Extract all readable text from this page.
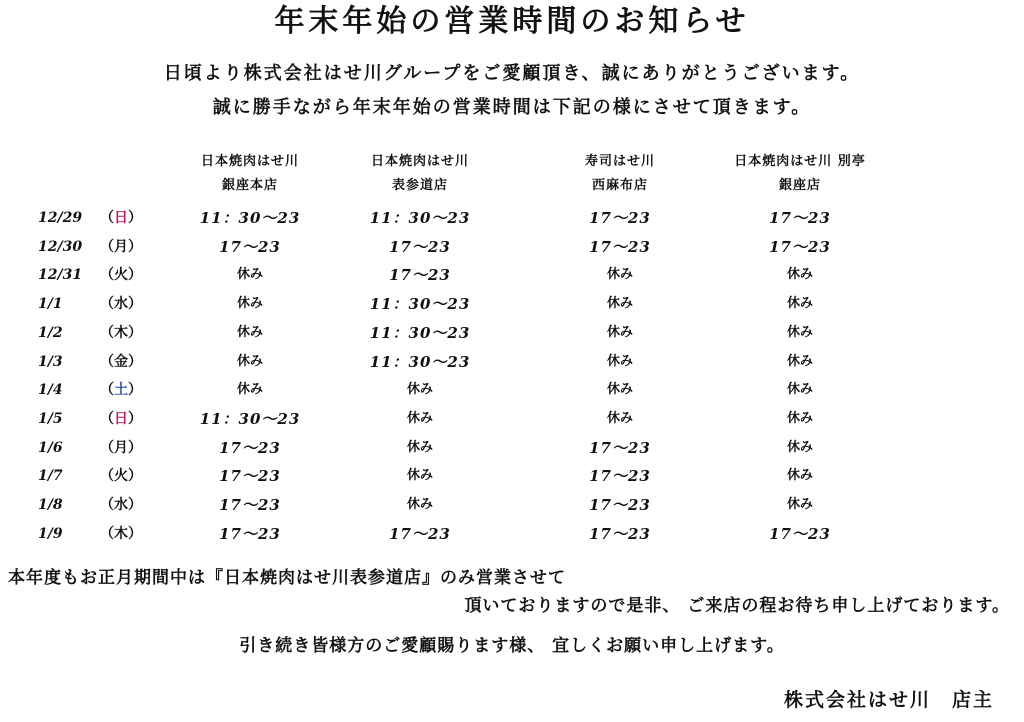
年末年始の営業時間のお知らせ
日頃より株式会社はせ川グループをご愛顧頂き、誠にありがとうございます。
誠に勝手ながら年末年始の営業時間は下記の様にさせて頂きます。
日本焼肉はせ川
銀座本店
日本焼肉はせ川
表参道店
寿司はせ川
西麻布店
日本焼肉はせ川 別亭
銀座店
12/29	（日）	11：30～23	11：30～23	17～23	17～23
12/30	（月）	17～23	17～23	17～23	17～23
12/31	（火）	休み	17～23	休み	休み
1/1	（水）	休み	11：30～23	休み	休み
1/2	（木）	休み	11：30～23	休み	休み
1/3	（金）	休み	11：30～23	休み	休み
1/4	（土）	休み	休み	休み	休み
1/5	（日）	11：30～23	休み	休み	休み
1/6	（月）	17～23	休み	17～23	休み
1/7	（火）	17～23	休み	17～23	休み
1/8	（水）	17～23	休み	17～23	休み
1/9	（木）	17～23	17～23	17～23	17～23
本年度もお正月期間中は『日本焼肉はせ川表参道店』のみ営業させて
頂いておりますので是非、 ご来店の程お待ち申し上げております。
引き続き皆様方のご愛顧賜ります様、 宜しくお願い申し上げます。
株式会社はせ川　店主
